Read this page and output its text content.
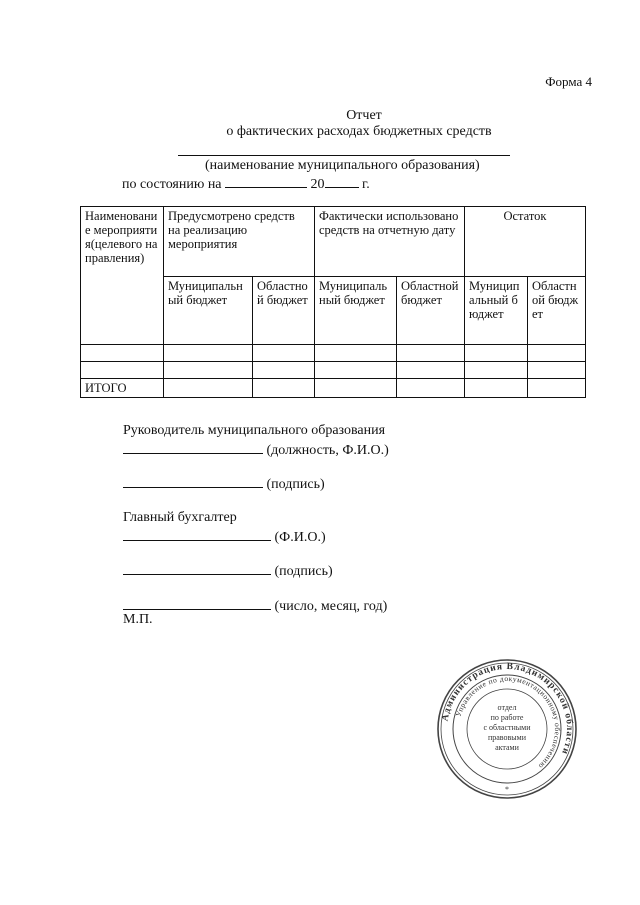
Форма 4
Отчет
о фактических расходах бюджетных средств
(наименование муниципального образования)
по состоянию на	20	г.
Наименование мероприятия(целевого направления)	Предусмотрено средств на реализацию мероприятия		Фактически использовано средств на отчетную дату		Остаток	
	Муниципальный бюджет	Областной бюджет	Муниципальный бюджет	Областной бюджет	Муниципальный бюджет	Областной бюджет

ИТОГО						
Руководитель муниципального образования
(должность, Ф.И.О.)
(подпись)
Главный бухгалтер
(Ф.И.О.)
(подпись)
(число, месяц, год)
М.П.
Администрация Владимирской области
Управление по документационному обеспечению
отдел
по работе
с областными
правовыми
актами
*
